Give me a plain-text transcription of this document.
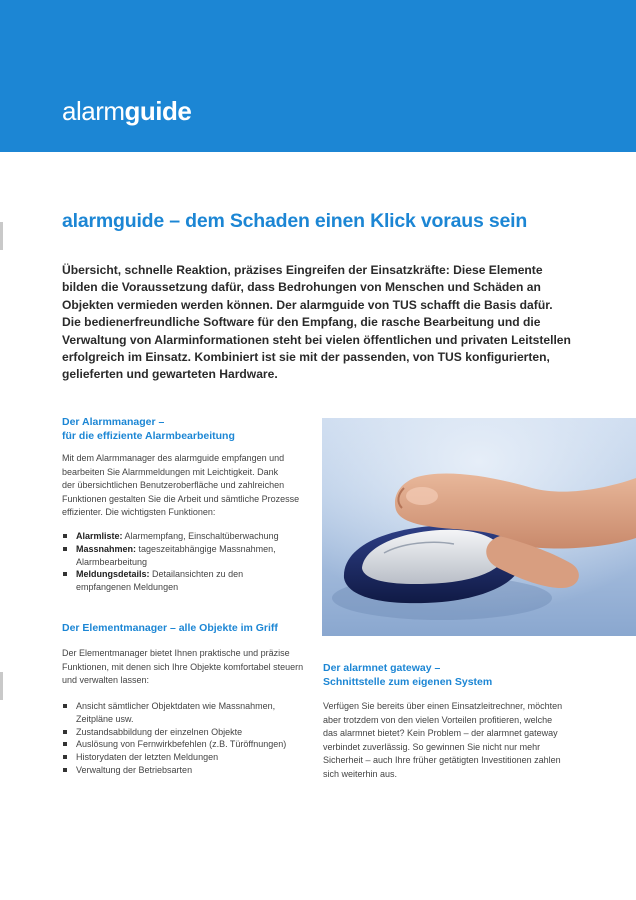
alarmguide
alarmguide – dem Schaden einen Klick voraus sein
Übersicht, schnelle Reaktion, präzises Eingreifen der Einsatzkräfte: Diese Elemente
bilden die Voraussetzung dafür, dass Bedrohungen von Menschen und Schäden an
Objekten vermieden werden können. Der alarmguide von TUS schafft die Basis dafür.
Die bedienerfreundliche Software für den Empfang, die rasche Bearbeitung und die
Verwaltung von Alarminformationen steht bei vielen öffentlichen und privaten Leitstellen
erfolgreich im Einsatz. Kombiniert ist sie mit der passenden, von TUS konfigurierten,
gelieferten und gewarteten Hardware.
Der Alarmmanager –
für die effiziente Alarmbearbeitung
Mit dem Alarmmanager des alarmguide empfangen und
bearbeiten Sie Alarmmeldungen mit Leichtigkeit. Dank
der übersichtlichen Benutzeroberfläche und zahlreichen
Funktionen gestalten Sie die Arbeit und sämtliche Prozesse
effizienter. Die wichtigsten Funktionen:
Alarmliste: Alarmempfang, Einschaltüberwachung
Massnahmen: tageszeitabhängige Massnahmen,
Alarmbearbeitung
Meldungsdetails: Detailansichten zu den
empfangenen Meldungen
Der Elementmanager – alle Objekte im Griff
Der Elementmanager bietet Ihnen praktische und präzise
Funktionen, mit denen sich Ihre Objekte komfortabel steuern
und verwalten lassen:
Ansicht sämtlicher Objektdaten wie Massnahmen,
Zeitpläne usw.
Zustandsabbildung der einzelnen Objekte
Auslösung von Fernwirkbefehlen (z.B. Türöffnungen)
Historydaten der letzten Meldungen
Verwaltung der Betriebsarten
Der alarmnet gateway –
Schnittstelle zum eigenen System
Verfügen Sie bereits über einen Einsatzleitrechner, möchten
aber trotzdem von den vielen Vorteilen profitieren, welche
das alarmnet bietet? Kein Problem – der alarmnet gateway
verbindet zuverlässig. So gewinnen Sie nicht nur mehr
Sicherheit – auch Ihre früher getätigten Investitionen zahlen
sich weiterhin aus.
